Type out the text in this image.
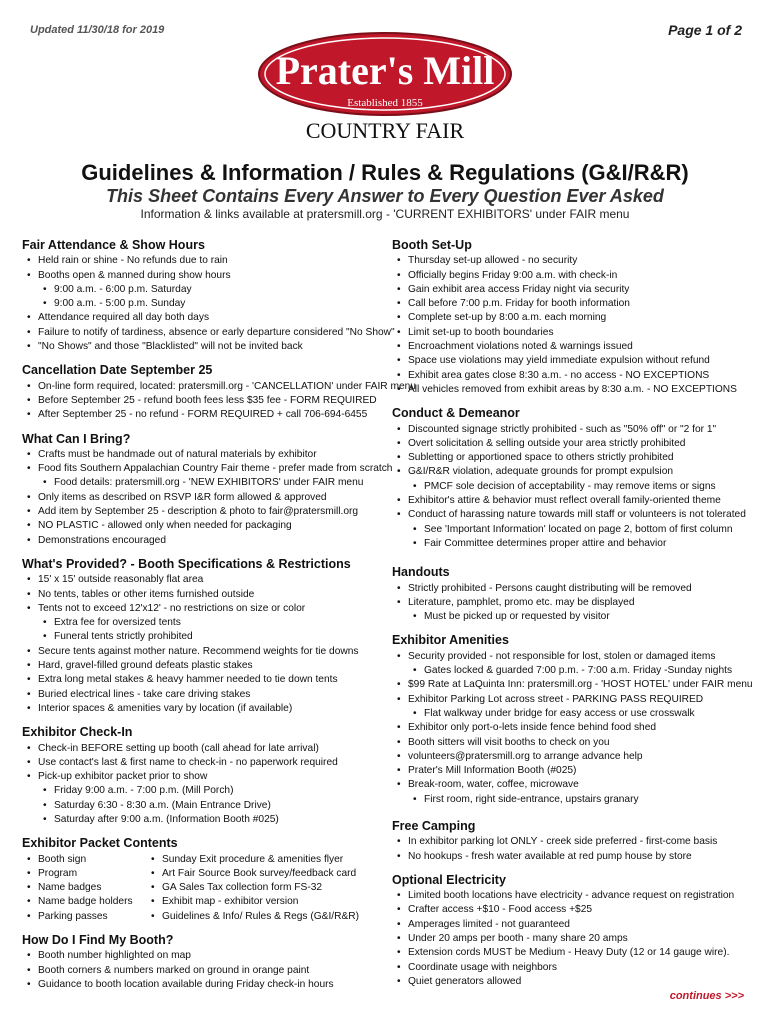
Updated 11/30/18 for 2019	Page 1 of 2
Prater's Mill
Established 1855
COUNTRY FAIR
Guidelines & Information / Rules & Regulations (G&I/R&R)
This Sheet Contains Every Answer to Every Question Ever Asked
Information & links available at pratersmill.org - 'CURRENT EXHIBITORS' under FAIR menu
Fair Attendance & Show Hours
• Held rain or shine - No refunds due to rain
• Booths open & manned during show hours
• 9:00 a.m. - 6:00 p.m. Saturday
• 9:00 a.m. - 5:00 p.m. Sunday
• Attendance required all day both days
• Failure to notify of tardiness, absence or early departure considered "No Show"
• "No Shows" and those "Blacklisted" will not be invited back
Cancellation Date September 25
• On-line form required, located: pratersmill.org - 'CANCELLATION' under FAIR menu
• Before September 25 - refund booth fees less $35 fee - FORM REQUIRED
• After September 25 - no refund - FORM REQUIRED + call 706-694-6455
What Can I Bring?
• Crafts must be handmade out of natural materials by exhibitor
• Food fits Southern Appalachian Country Fair theme - prefer made from scratch
• Food details: pratersmill.org - 'NEW EXHIBITORS' under FAIR menu
• Only items as described on RSVP I&R form allowed & approved
• Add item by September 25 - description & photo to fair@pratersmill.org
• NO PLASTIC - allowed only when needed for packaging
• Demonstrations encouraged
What's Provided? - Booth Specifications & Restrictions
• 15' x 15' outside reasonably flat area
• No tents, tables or other items furnished outside
• Tents not to exceed 12'x12' - no restrictions on size or color
• Extra fee for oversized tents
• Funeral tents strictly prohibited
• Secure tents against mother nature. Recommend weights for tie downs
• Hard, gravel-filled ground defeats plastic stakes
• Extra long metal stakes & heavy hammer needed to tie down tents
• Buried electrical lines - take care driving stakes
• Interior spaces & amenities vary by location (if available)
Exhibitor Check-In
• Check-in BEFORE setting up booth (call ahead for late arrival)
• Use contact's last & first name to check-in - no paperwork required
• Pick-up exhibitor packet prior to show
• Friday 9:00 a.m. - 7:00 p.m. (Mill Porch)
• Saturday 6:30 - 8:30 a.m. (Main Entrance Drive)
• Saturday after 9:00 a.m. (Information Booth #025)
Exhibitor Packet Contents
• Booth sign
• Program
• Name badges
• Name badge holders
• Parking passes
• Sunday Exit procedure & amenities flyer
• Art Fair Source Book survey/feedback card
• GA Sales Tax collection form FS-32
• Exhibit map - exhibitor version
• Guidelines & Info/ Rules & Regs (G&I/R&R)
How Do I Find My Booth?
• Booth number highlighted on map
• Booth corners & numbers marked on ground in orange paint
• Guidance to booth location available during Friday check-in hours
Booth Set-Up
• Thursday set-up allowed - no security
• Officially begins Friday 9:00 a.m. with check-in
• Gain exhibit area access Friday night via security
• Call before 7:00 p.m. Friday for booth information
• Complete set-up by 8:00 a.m. each morning
• Limit set-up to booth boundaries
• Encroachment violations noted & warnings issued
• Space use violations may yield immediate expulsion without refund
• Exhibit area gates close 8:30 a.m. - no access - NO EXCEPTIONS
• All vehicles removed from exhibit areas by 8:30 a.m. - NO EXCEPTIONS
Conduct & Demeanor
• Discounted signage strictly prohibited - such as "50% off" or "2 for 1"
• Overt solicitation & selling outside your area strictly prohibited
• Subletting or apportioned space to others strictly prohibited
• G&I/R&R violation, adequate grounds for prompt expulsion
• PMCF sole decision of acceptability - may remove items or signs
• Exhibitor's attire & behavior must reflect overall family-oriented theme
• Conduct of harassing nature towards mill staff or volunteers is not tolerated
• See 'Important Information' located on page 2, bottom of first column
• Fair Committee determines proper attire and behavior
Handouts
• Strictly prohibited - Persons caught distributing will be removed
• Literature, pamphlet, promo etc. may be displayed
• Must be picked up or requested by visitor
Exhibitor Amenities
• Security provided - not responsible for lost, stolen or damaged items
• Gates locked & guarded 7:00 p.m. - 7:00 a.m. Friday -Sunday nights
• $99 Rate at LaQuinta Inn: pratersmill.org - 'HOST HOTEL' under FAIR menu
• Exhibitor Parking Lot across street - PARKING PASS REQUIRED
• Flat walkway under bridge for easy access or use crosswalk
• Exhibitor only port-o-lets inside fence behind food shed
• Booth sitters will visit booths to check on you
• volunteers@pratersmill.org to arrange advance help
• Prater's Mill Information Booth (#025)
• Break-room, water, coffee, microwave
• First room, right side-entrance, upstairs granary
Free Camping
• In exhibitor parking lot ONLY - creek side preferred - first-come basis
• No hookups - fresh water available at red pump house by store
Optional Electricity
• Limited booth locations have electricity - advance request on registration
• Crafter access +$10 - Food access +$25
• Amperages limited - not guaranteed
• Under 20 amps per booth - many share 20 amps
• Extension cords MUST be Medium - Heavy Duty (12 or 14 gauge wire).
• Coordinate usage with neighbors
• Quiet generators allowed
continues >>>
